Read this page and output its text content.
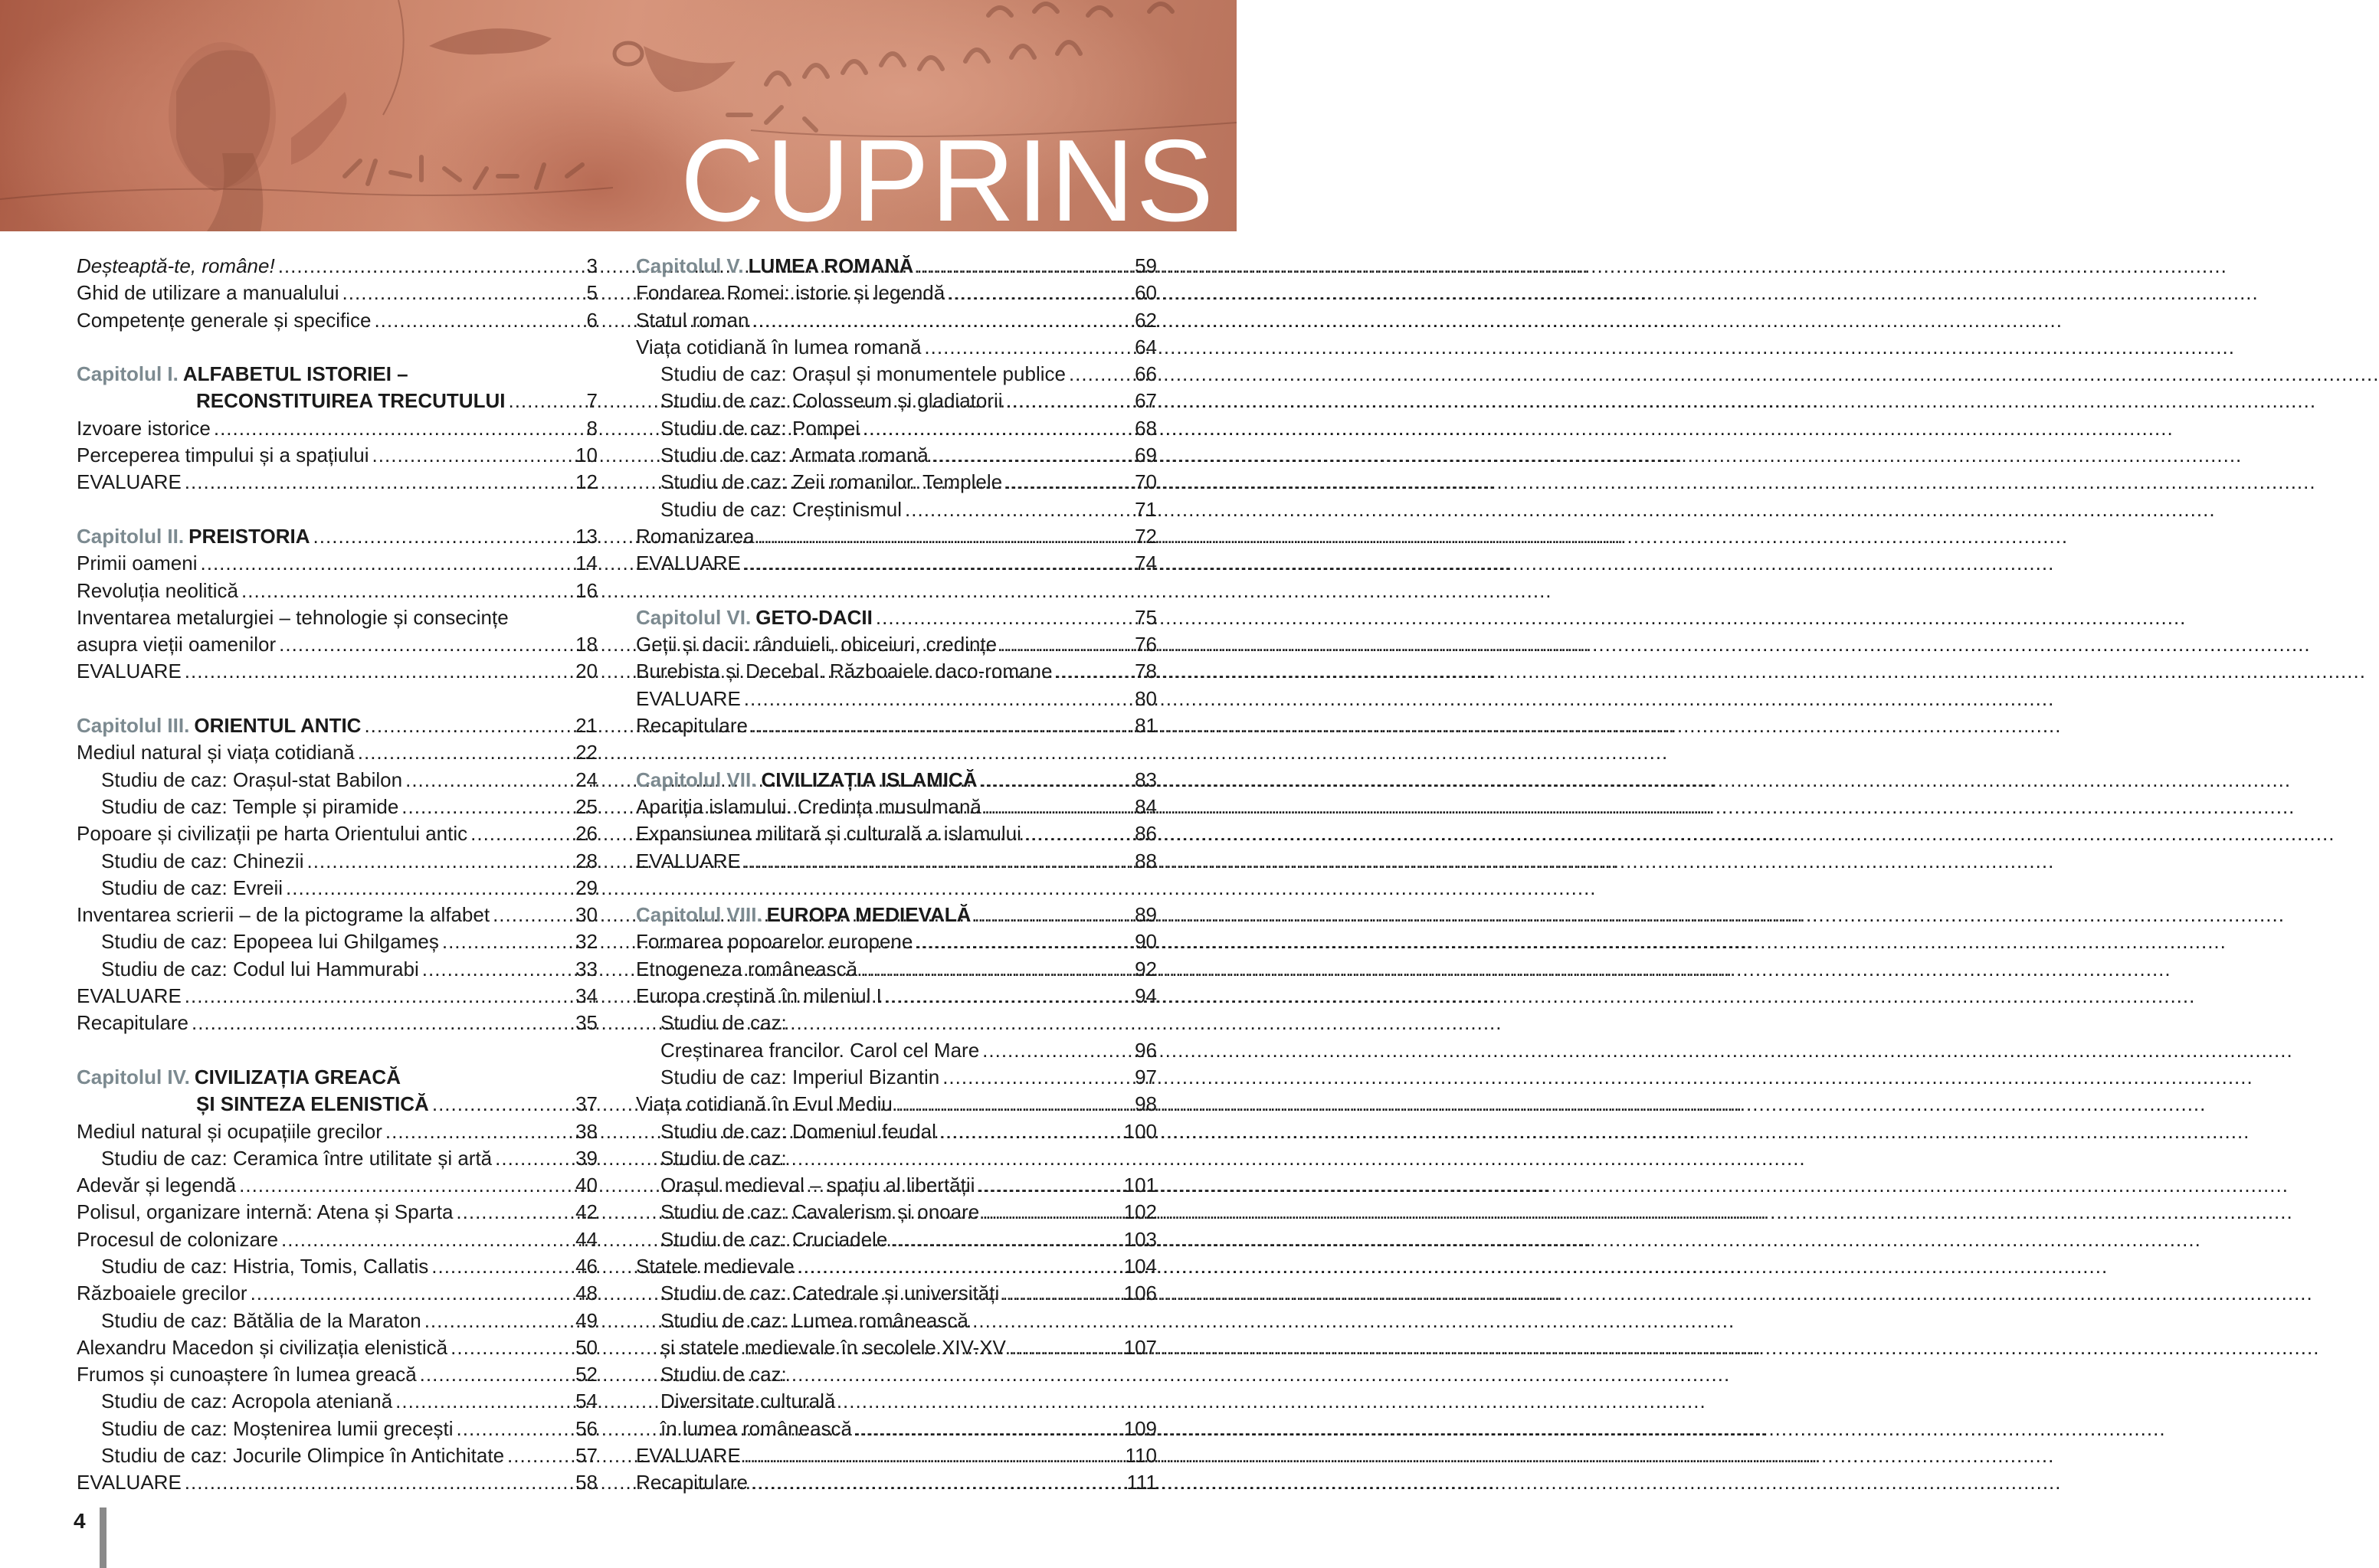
CUPRINS
Deșteaptă-te, române! .....	3
Ghid de utilizare a manualului .....	5
Competențe generale și specifice .....	6
Capitolul I. ALFABETUL ISTORIEI –
RECONSTITUIREA TRECUTULUI .....	7
Izvoare istorice .....	8
Perceperea timpului și a spațiului .....	10
EVALUARE .....	12
Capitolul II. PREISTORIA .....	13
Primii oameni .....	14
Revoluția neolitică .....	16
Inventarea metalurgiei – tehnologie și consecințe
asupra vieții oamenilor .....	18
EVALUARE .....	20
Capitolul III. ORIENTUL ANTIC .....	21
Mediul natural și viața cotidiană .....	22
Studiu de caz: Orașul-stat Babilon .....	24
Studiu de caz: Temple și piramide .....	25
Popoare și civilizații pe harta Orientului antic .....	26
Studiu de caz: Chinezii .....	28
Studiu de caz: Evreii .....	29
Inventarea scrierii – de la pictograme la alfabet .....	30
Studiu de caz: Epopeea lui Ghilgameș .....	32
Studiu de caz: Codul lui Hammurabi .....	33
EVALUARE .....	34
Recapitulare .....	35
Capitolul IV. CIVILIZAȚIA GREACĂ
ȘI SINTEZA ELENISTICĂ .....	37
Mediul natural și ocupațiile grecilor .....	38
Studiu de caz: Ceramica între utilitate și artă .....	39
Adevăr și legendă .....	40
Polisul, organizare internă: Atena și Sparta .....	42
Procesul de colonizare .....	44
Studiu de caz: Histria, Tomis, Callatis .....	46
Războaiele grecilor .....	48
Studiu de caz: Bătălia de la Maraton .....	49
Alexandru Macedon și civilizația elenistică .....	50
Frumos și cunoaștere în lumea greacă .....	52
Studiu de caz: Acropola ateniană .....	54
Studiu de caz: Moștenirea lumii grecești .....	56
Studiu de caz: Jocurile Olimpice în Antichitate .....	57
EVALUARE .....	58
Capitolul V. LUMEA ROMANĂ .....	59
Fondarea Romei: istorie și legendă .....	60
Statul roman .....	62
Viața cotidiană în lumea romană .....	64
Studiu de caz: Orașul și monumentele publice .....	66
Studiu de caz: Colosseum și gladiatorii .....	67
Studiu de caz: Pompei .....	68
Studiu de caz: Armata romană .....	69
Studiu de caz: Zeii romanilor. Templele .....	70
Studiu de caz: Creștinismul .....	71
Romanizarea .....	72
EVALUARE .....	74
Capitolul VI. GETO-DACII .....	75
Geții și dacii: rânduieli, obiceiuri, credințe .....	76
Burebista și Decebal. Războaiele daco-romane .....	78
EVALUARE .....	80
Recapitulare .....	81
Capitolul VII. CIVILIZAȚIA ISLAMICĂ .....	83
Apariția islamului. Credința musulmană .....	84
Expansiunea militară și culturală a islamului .....	86
EVALUARE .....	88
Capitolul VIII. EUROPA MEDIEVALĂ .....	89
Formarea popoarelor europene .....	90
Etnogeneza românească .....	92
Europa creștină în mileniul I .....	94
Studiu de caz:
Creștinarea francilor. Carol cel Mare .....	96
Studiu de caz: Imperiul Bizantin .....	97
Viața cotidiană în Evul Mediu .....	98
Studiu de caz: Domeniul feudal .....	100
Studiu de caz:
Orașul medieval – spațiu al libertății .....	101
Studiu de caz: Cavalerism și onoare .....	102
Studiu de caz: Cruciadele .....	103
Statele medievale .....	104
Studiu de caz: Catedrale și universități .....	106
Studiu de caz: Lumea românească
și statele medievale în secolele XIV-XV .....	107
Studiu de caz:
Diversitate culturală
în lumea românească .....	109
EVALUARE .....	110
Recapitulare .....	111
4
